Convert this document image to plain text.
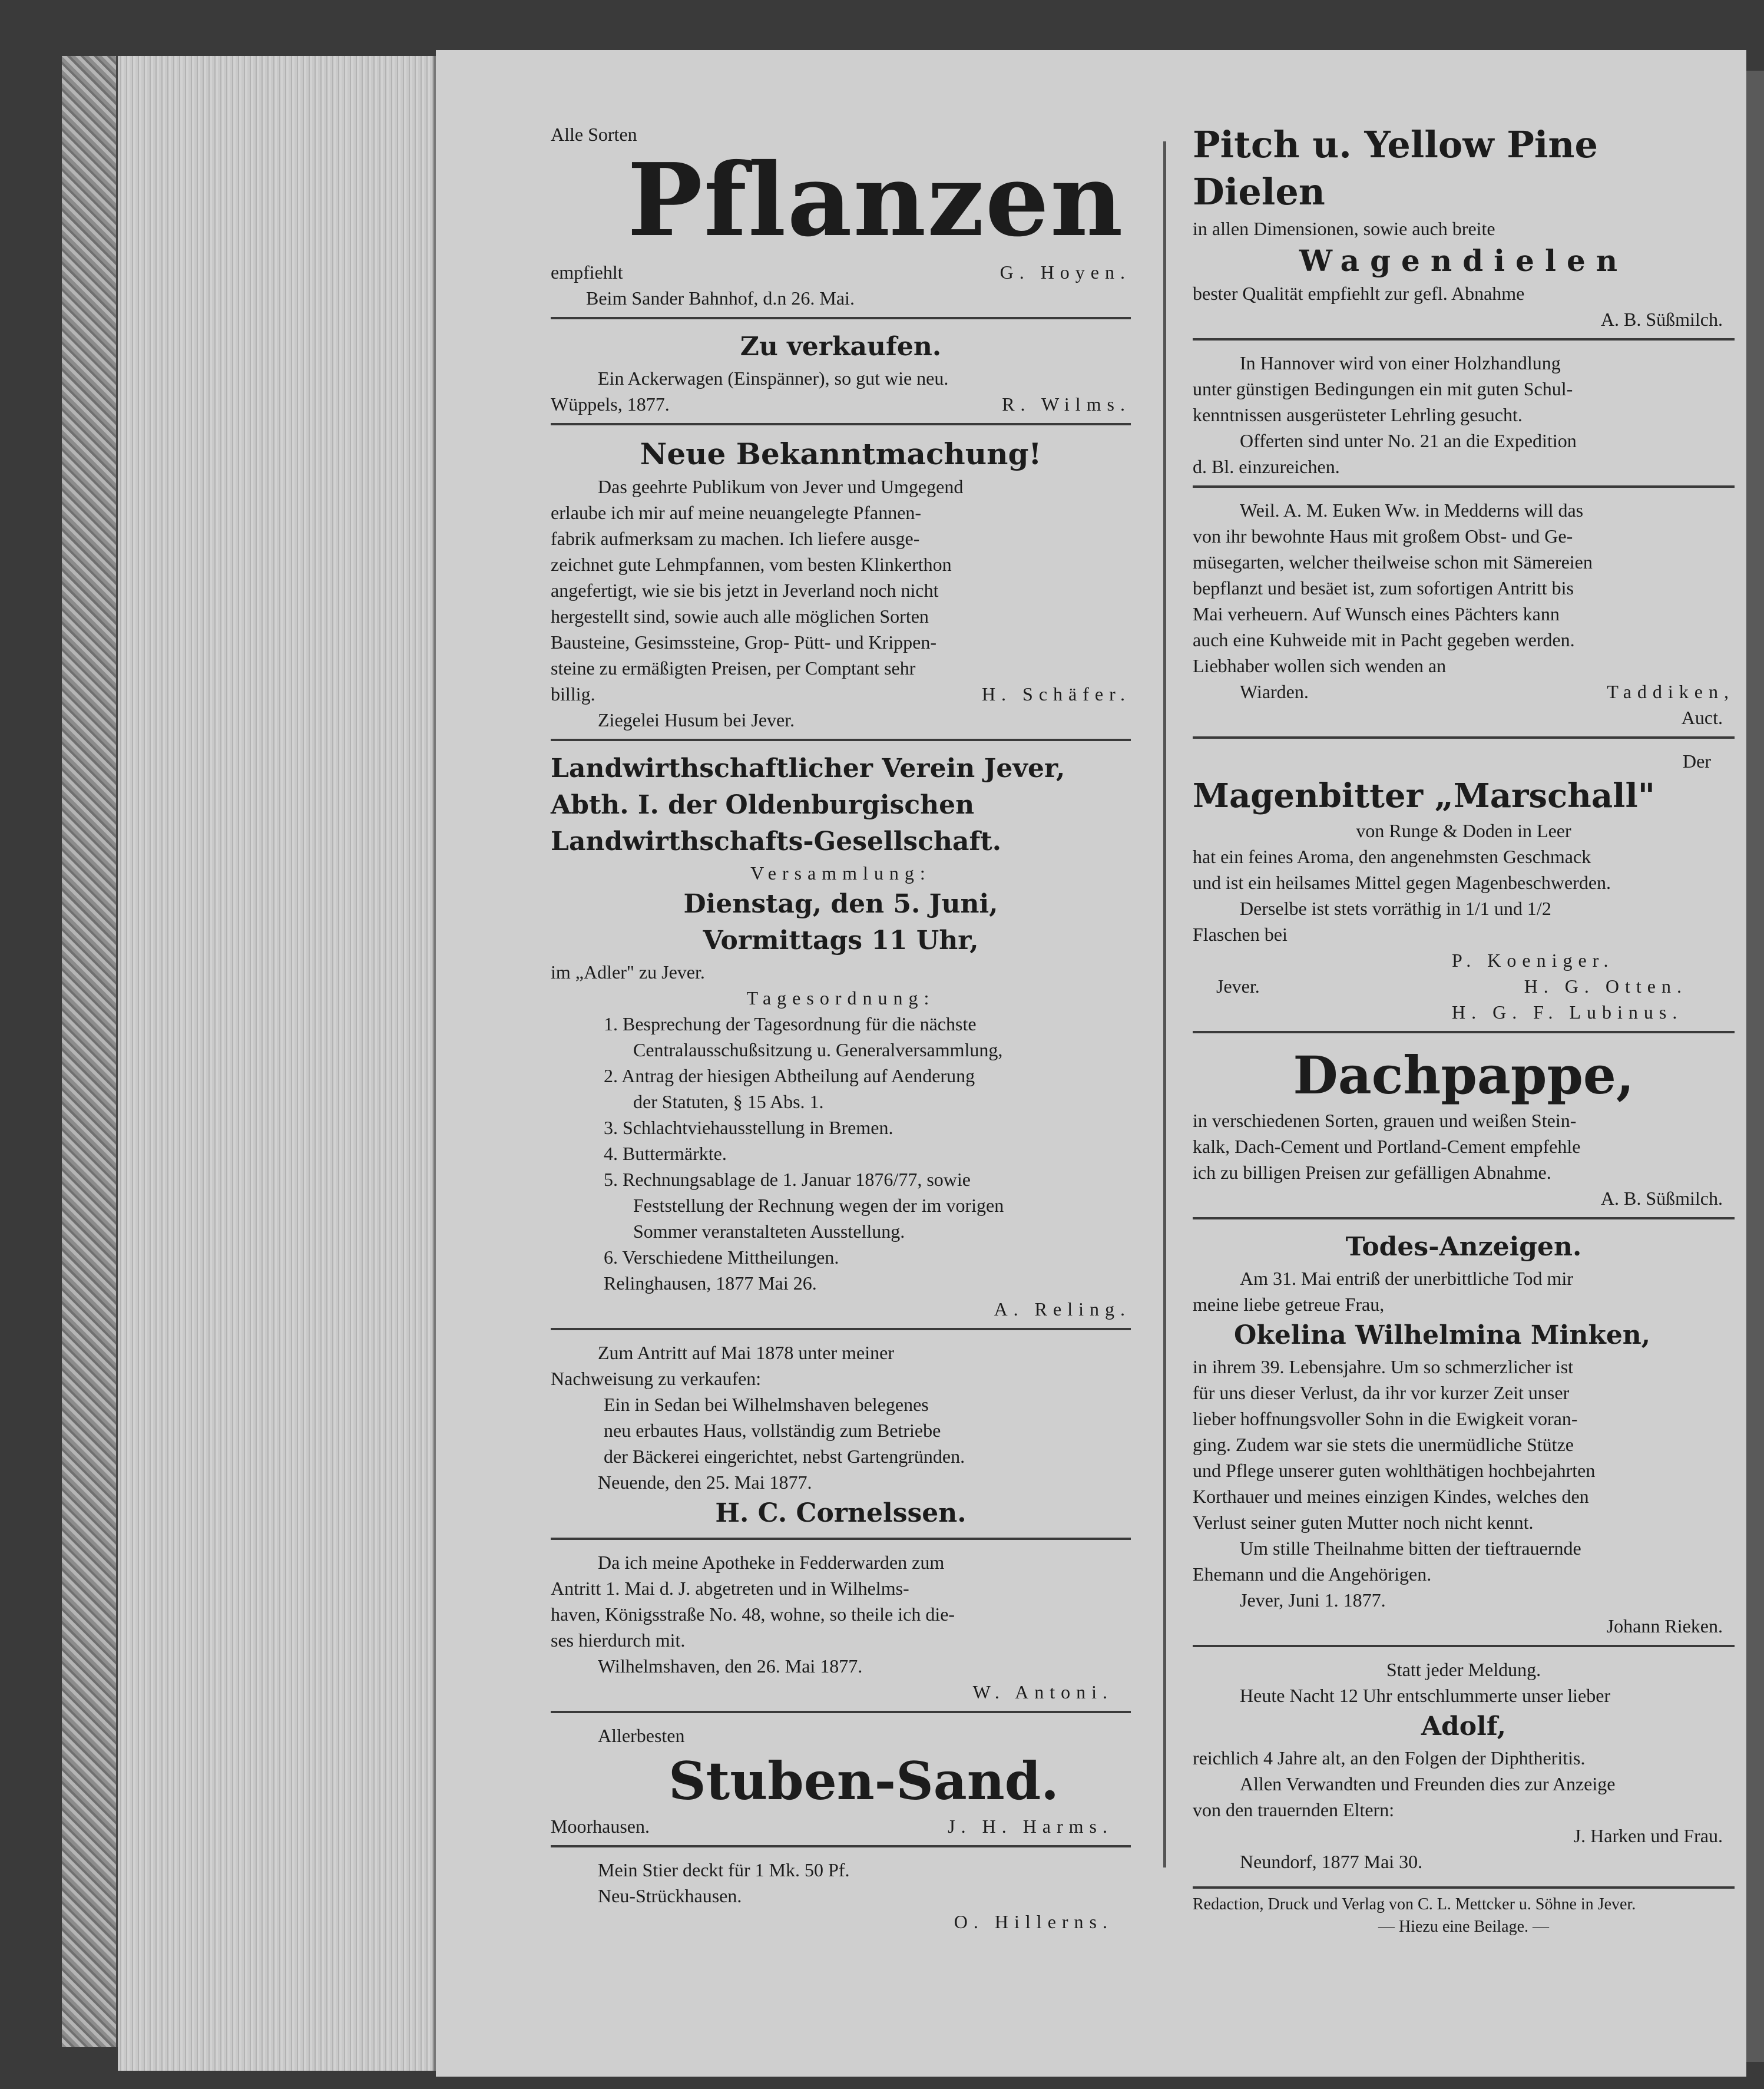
Alle Sorten
Pflanzen
empfiehlt	G. Hoyen.
Beim Sander Bahnhof, d.n 26. Mai.
Zu verkaufen.
Ein Ackerwagen (Einspänner), so gut wie neu.
Wüppels, 1877.	R. Wilms.
Neue Bekanntmachung!
Das geehrte Publikum von Jever und Umgegend
erlaube ich mir auf meine neuangelegte Pfannen-
fabrik aufmerksam zu machen. Ich liefere ausge-
zeichnet gute Lehmpfannen, vom besten Klinkerthon
angefertigt, wie sie bis jetzt in Jeverland noch nicht
hergestellt sind, sowie auch alle möglichen Sorten
Bausteine, Gesimssteine, Grop- Pütt- und Krippen-
steine zu ermäßigten Preisen, per Comptant sehr
billig.	H. Schäfer.
Ziegelei Husum bei Jever.
Landwirthschaftlicher Verein Jever,
Abth. I. der Oldenburgischen
Landwirthschafts-Gesellschaft.
Versammlung:
Dienstag, den 5. Juni,
Vormittags 11 Uhr,
im „Adler" zu Jever.
Tagesordnung:
1. Besprechung der Tagesordnung für die nächste
Centralausschußsitzung u. Generalversammlung,
2. Antrag der hiesigen Abtheilung auf Aenderung
der Statuten, § 15 Abs. 1.
3. Schlachtviehausstellung in Bremen.
4. Buttermärkte.
5. Rechnungsablage de 1. Januar 1876/77, sowie
Feststellung der Rechnung wegen der im vorigen
Sommer veranstalteten Ausstellung.
6. Verschiedene Mittheilungen.
Relinghausen, 1877 Mai 26.
A. Reling.
Zum Antritt auf Mai 1878 unter meiner
Nachweisung zu verkaufen:
Ein in Sedan bei Wilhelmshaven belegenes
neu erbautes Haus, vollständig zum Betriebe
der Bäckerei eingerichtet, nebst Gartengründen.
Neuende, den 25. Mai 1877.
H. C. Cornelssen.
Da ich meine Apotheke in Fedderwarden zum
Antritt 1. Mai d. J. abgetreten und in Wilhelms-
haven, Königsstraße No. 48, wohne, so theile ich die-
ses hierdurch mit.
Wilhelmshaven, den 26. Mai 1877.
W. Antoni.
Allerbesten
Stuben-Sand.
Moorhausen.	J. H. Harms.
Mein Stier deckt für 1 Mk. 50 Pf.
Neu-Strückhausen.
O. Hillerns.
Pitch u. Yellow Pine Dielen
in allen Dimensionen, sowie auch breite
Wagendielen
bester Qualität empfiehlt zur gefl. Abnahme
A. B. Süßmilch.
In Hannover wird von einer Holzhandlung
unter günstigen Bedingungen ein mit guten Schul-
kenntnissen ausgerüsteter Lehrling gesucht.
Offerten sind unter No. 21 an die Expedition
d. Bl. einzureichen.
Weil. A. M. Euken Ww. in Medderns will das
von ihr bewohnte Haus mit großem Obst- und Ge-
müsegarten, welcher theilweise schon mit Sämereien
bepflanzt und besäet ist, zum sofortigen Antritt bis
Mai verheuern. Auf Wunsch eines Pächters kann
auch eine Kuhweide mit in Pacht gegeben werden.
Liebhaber wollen sich wenden an
Wiarden.	Taddiken,
Auct.
Der
Magenbitter „Marschall"
von Runge & Doden in Leer
hat ein feines Aroma, den angenehmsten Geschmack
und ist ein heilsames Mittel gegen Magenbeschwerden.
Derselbe ist stets vorräthig in 1/1 und 1/2
Flaschen bei
P. Koeniger.
Jever.	H. G. Otten.
H. G. F. Lubinus.
Dachpappe,
in verschiedenen Sorten, grauen und weißen Stein-
kalk, Dach-Cement und Portland-Cement empfehle
ich zu billigen Preisen zur gefälligen Abnahme.
A. B. Süßmilch.
Todes-Anzeigen.
Am 31. Mai entriß der unerbittliche Tod mir
meine liebe getreue Frau,
Okelina Wilhelmina Minken,
in ihrem 39. Lebensjahre. Um so schmerzlicher ist
für uns dieser Verlust, da ihr vor kurzer Zeit unser
lieber hoffnungsvoller Sohn in die Ewigkeit voran-
ging. Zudem war sie stets die unermüdliche Stütze
und Pflege unserer guten wohlthätigen hochbejahrten
Korthauer und meines einzigen Kindes, welches den
Verlust seiner guten Mutter noch nicht kennt.
Um stille Theilnahme bitten der tieftrauernde
Ehemann und die Angehörigen.
Jever, Juni 1. 1877.
Johann Rieken.
Statt jeder Meldung.
Heute Nacht 12 Uhr entschlummerte unser lieber
Adolf,
reichlich 4 Jahre alt, an den Folgen der Diphtheritis.
Allen Verwandten und Freunden dies zur Anzeige
von den trauernden Eltern:
J. Harken und Frau.
Neundorf, 1877 Mai 30.
Redaction, Druck und Verlag von C. L. Mettcker u. Söhne in Jever.
— Hiezu eine Beilage. —
